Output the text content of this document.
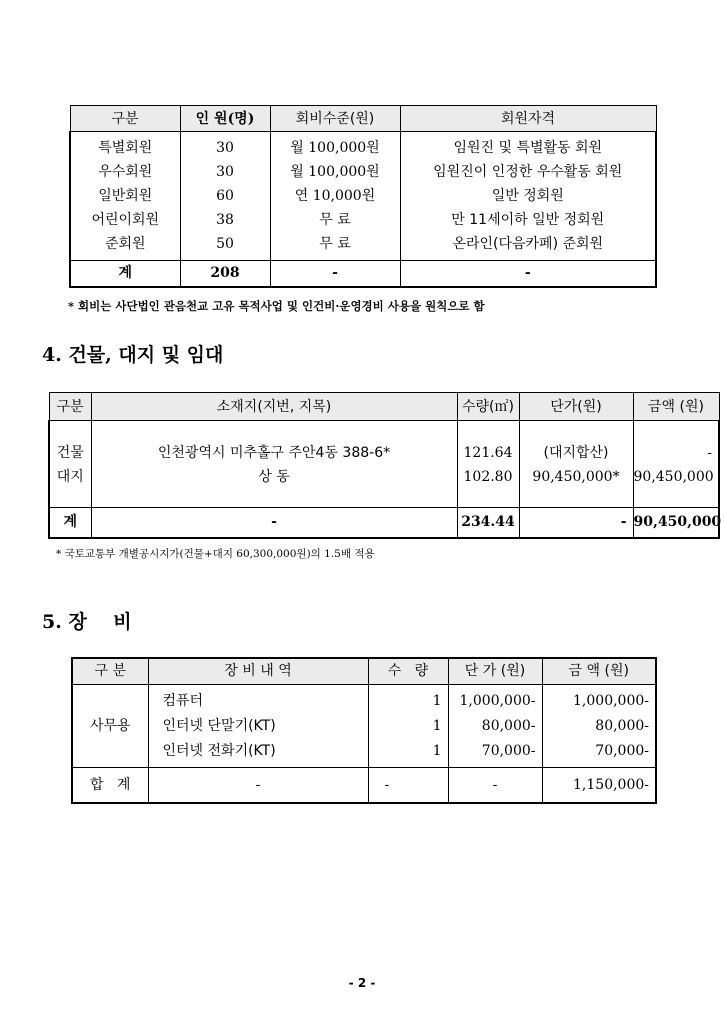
구분	인 원(명)	회비수준(원)	회원자격
특별회원	30	월 100,000원	임원진 및 특별활동 회원
우수회원	30	월 100,000원	임원진이 인정한 우수활동 회원
일반회원	60	연 10,000원	일반 정회원
어린이회원	38	무 료	만 11세이하 일반 정회원
준회원	50	무 료	온라인(다음카페) 준회원
계	208	-	-
* 회비는 사단법인 관음천교 고유 목적사업 및 인건비·운영경비 사용을 원칙으로 함
4. 건물, 대지 및 임대
구분	소재지(지번, 지목)	수량(㎡)	단가(원)	금액 (원)
건물	인천광역시 미추홀구 주안4동 388-6*	121.64	(대지합산)	-
대지	상 동	102.80	90,450,000*	90,450,000
계	-	234.44	-	90,450,000
* 국토교통부 개별공시지가(건물+대지 60,300,000원)의 1.5배 적용
5. 장    비
구 분	장 비 내 역	수   량	단 가 (원)	금 액 (원)
사무용	컴퓨터	1	1,000,000-	1,000,000-
	인터넷 단말기(KT)	1	80,000-	80,000-
	인터넷 전화기(KT)	1	70,000-	70,000-
합   계	-	-	-	1,150,000-
- 2 -
